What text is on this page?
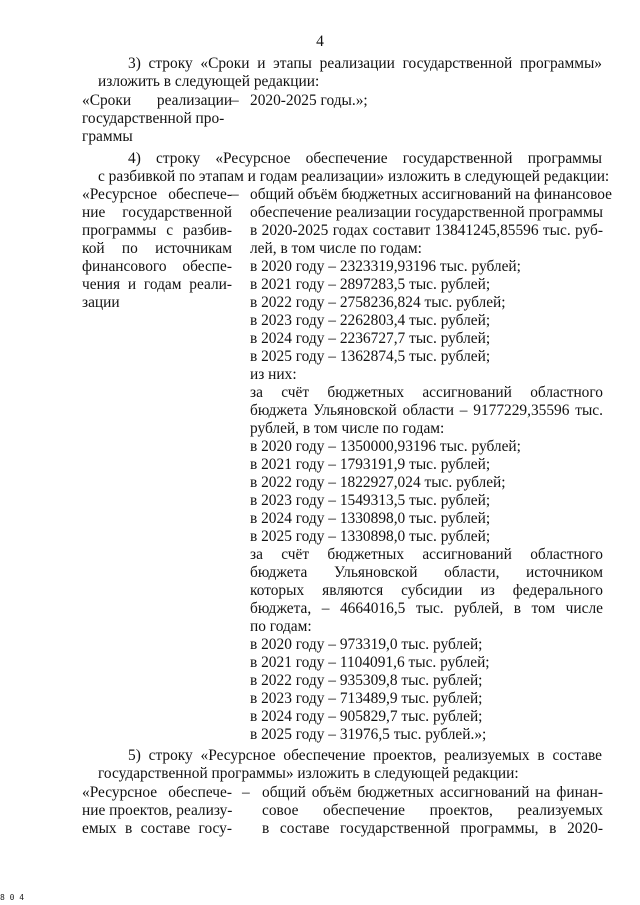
4

3) строку «Сроки и этапы реализации государственной программы»

изложить в следующей редакции:

«Сроки реализации

– 2020-2025 годы.»;

государственной про-

граммы

4) строку «Ресурсное обеспечение государственной программы

с разбивкой по этапам и годам реализации» изложить в следующей редакции:

«Ресурсное обеспече-

ние государственной

программы с разбив-

кой по источникам

финансового обеспе-

чения и годам реали-

зации

– общий объём бюджетных ассигнований на финансовое

обеспечение реализации государственной программы

в 2020-2025 годах составит 13841245,85596 тыс. руб-

лей, в том числе по годам:

в 2020 году – 2323319,93196 тыс. рублей;

в 2021 году – 2897283,5 тыс. рублей;

в 2022 году – 2758236,824 тыс. рублей;

в 2023 году – 2262803,4 тыс. рублей;

в 2024 году – 2236727,7 тыс. рублей;

в 2025 году – 1362874,5 тыс. рублей;

из них:

за счёт бюджетных ассигнований областного

бюджета Ульяновской области – 9177229,35596 тыс.

рублей, в том числе по годам:

в 2020 году – 1350000,93196 тыс. рублей;

в 2021 году – 1793191,9 тыс. рублей;

в 2022 году – 1822927,024 тыс. рублей;

в 2023 году – 1549313,5 тыс. рублей;

в 2024 году – 1330898,0 тыс. рублей;

в 2025 году – 1330898,0 тыс. рублей;

за счёт бюджетных ассигнований областного

бюджета Ульяновской области, источником

которых являются субсидии из федерального

бюджета, – 4664016,5 тыс. рублей, в том числе

по годам:

в 2020 году – 973319,0 тыс. рублей;

в 2021 году – 1104091,6 тыс. рублей;

в 2022 году – 935309,8 тыс. рублей;

в 2023 году – 713489,9 тыс. рублей;

в 2024 году – 905829,7 тыс. рублей;

в 2025 году – 31976,5 тыс. рублей.»;

5) строку «Ресурсное обеспечение проектов, реализуемых в составе

государственной программы» изложить в следующей редакции:

«Ресурсное обеспече-

ние проектов, реализу-

емых в составе госу-

– общий объём бюджетных ассигнований на финан-

совое обеспечение проектов, реализуемых

в составе государственной программы, в 2020-

8 0 4
